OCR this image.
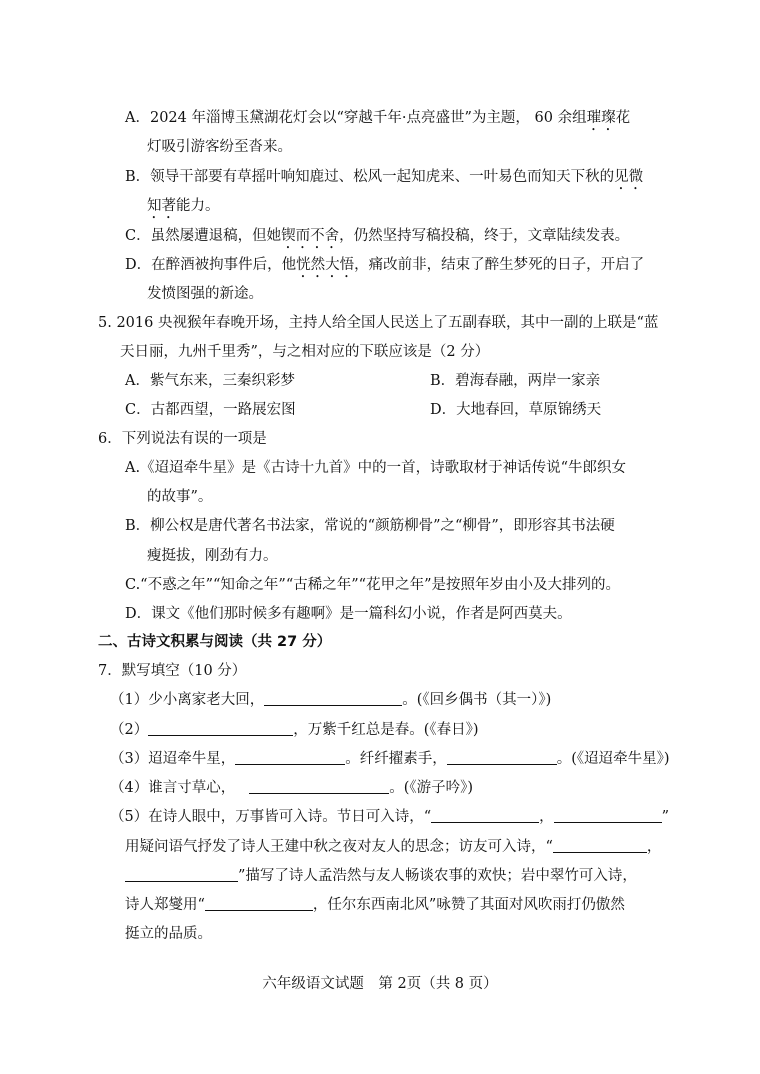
A．2024 年淄博玉黛湖花灯会以“穿越千年·点亮盛世”为主题， 60 余组璀璨花
灯吸引游客纷至沓来。
B．领导干部要有草摇叶响知鹿过、松风一起知虎来、一叶易色而知天下秋的见微
知著能力。
C．虽然屡遭退稿，但她锲而不舍，仍然坚持写稿投稿，终于，文章陆续发表。
D．在醉酒被拘事件后，他恍然大悟，痛改前非，结束了醉生梦死的日子，开启了
发愤图强的新途。
5. 2016 央视猴年春晚开场，主持人给全国人民送上了五副春联，其中一副的上联是“蓝
天日丽，九州千里秀”，与之相对应的下联应该是（2 分）
A．紫气东来，三秦织彩梦	B．碧海春融，两岸一家亲
C．古都西望，一路展宏图	D．大地春回，草原锦绣天
6．下列说法有误的一项是
A.《迢迢牵牛星》是《古诗十九首》中的一首，诗歌取材于神话传说“牛郎织女
的故事”。
B．柳公权是唐代著名书法家，常说的“颜筋柳骨”之“柳骨”，即形容其书法硬
瘦挺拔，刚劲有力。
C.“不惑之年”“知命之年”“古稀之年”“花甲之年”是按照年岁由小及大排列的。
D．课文《他们那时候多有趣啊》是一篇科幻小说，作者是阿西莫夫。
二、古诗文积累与阅读（共 27 分）
7．默写填空（10 分）
（1）少小离家老大回，	。(《回乡偶书（其一）》)
（2）	，万紫千红总是春。(《春日》)
（3）迢迢牵牛星，	。纤纤擢素手，	。(《迢迢牵牛星》)
（4）谁言寸草心，	。(《游子吟》)
（5）在诗人眼中，万事皆可入诗。节日可入诗，“	，	”
用疑问语气抒发了诗人王建中秋之夜对友人的思念；访友可入诗，“	，
”描写了诗人孟浩然与友人畅谈农事的欢快；岩中翠竹可入诗，
诗人郑燮用“	，任尔东西南北风”咏赞了其面对风吹雨打仍傲然
挺立的品质。
六年级语文试题　第 2页（共 8 页）
